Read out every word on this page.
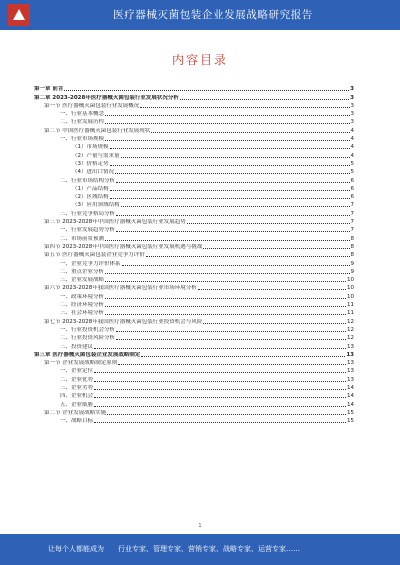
医疗器械灭菌包装企业发展战略研究报告
内容目录
第一章 前言	3
第二章 2023-2028年医疗器械灭菌包装行业发展状况分析	3
第一节 医疗器械灭菌包装行业发展概况	3
一、行业基本概念	3
二、行业发展历程	3
第二节 中国医疗器械灭菌包装行业发展现状	4
一、行业市场规模	4
（1）市场规模	4
（2）产量与需求量	4
（3）价格走势	5
（4）进出口情况	5
二、行业市场结构分析	6
（1）产品结构	6
（2）区域结构	6
（3）应用领域结构	7
三、行业竞争格局分析	7
第三节 2023-2028年中国医疗器械灭菌包装行业发展趋势	7
一、行业发展趋势分析	7
二、市场前景预测	8
第四节 2023-2028年中国医疗器械灭菌包装行业发展机遇与挑战	8
第五节 医疗器械灭菌包装企业竞争力评价	8
一、企业竞争力评价体系	9
二、重点企业分析	9
三、企业发展战略	10
第六节 2023-2028年我国医疗器械灭菌包装行业市场环境分析	10
一、政策环境分析	10
二、经济环境分析	11
三、社会环境分析	11
第七节 2023-2028年我国医疗器械灭菌包装行业投资机会与风险	12
一、行业投资机会分析	12
二、行业投资风险分析	12
三、投资建议	13
第三章 医疗器械灭菌包装企业发展战略制定	13
第一节 企业发展战略制定原则	13
一、企业定位	13
二、企业优势	13
三、企业劣势	14
四、企业机会	14
五、企业威胁	14
第二节 企业发展战略实施	15
一、战略目标	15
1
让每个人都能成为　　行业专家、管理专家、营销专家、战略专家、运营专家……
